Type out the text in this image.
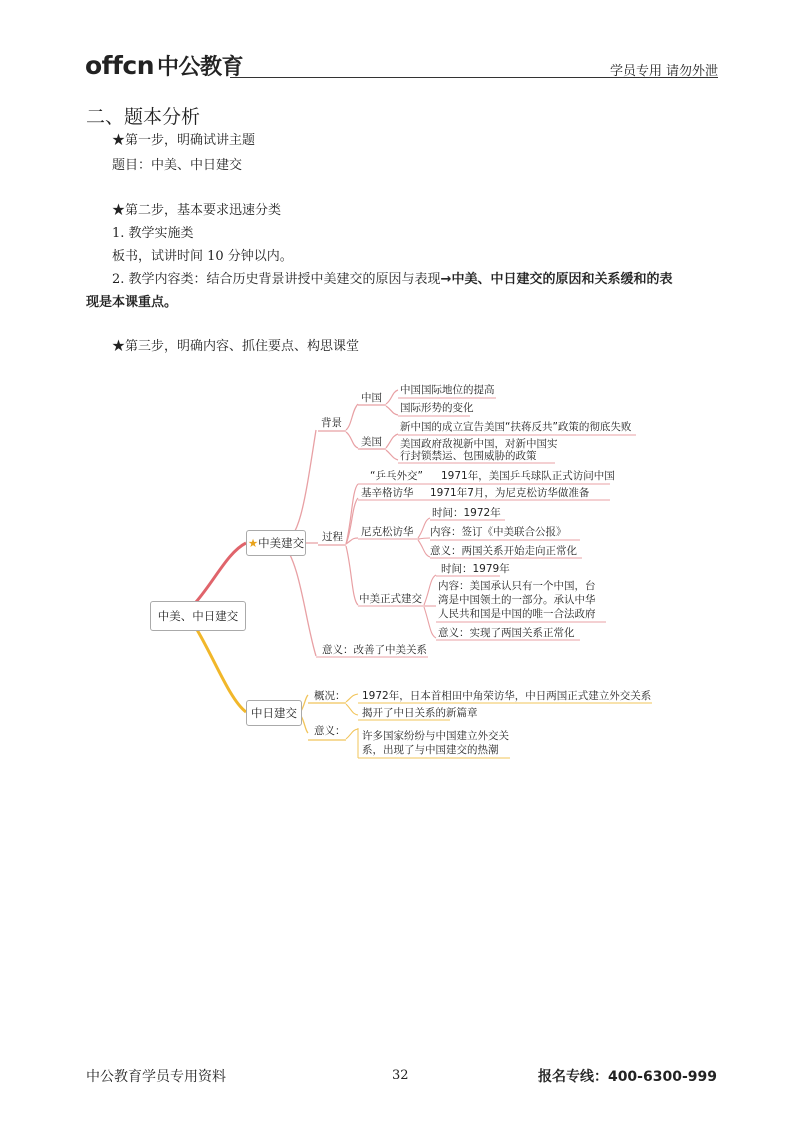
offcn 中公教育	学员专用 请勿外泄
二、题本分析
★第一步，明确试讲主题
题目：中美、中日建交
★第二步，基本要求迅速分类
1. 教学实施类
板书，试讲时间 10 分钟以内。
2. 教学内容类：结合历史背景讲授中美建交的原因与表现→中美、中日建交的原因和关系缓和的表
现是本课重点。
★第三步，明确内容、抓住要点、构思课堂
中美、中日建交
★中美建交
中日建交
背景
中国
中国国际地位的提高
国际形势的变化
美国
新中国的成立宣告美国“扶蒋反共”政策的彻底失败
美国政府敌视新中国，对新中国实
行封锁禁运、包围威胁的政策
过程
“乒乓外交” 1971年，美国乒乓球队正式访问中国
基辛格访华 1971年7月，为尼克松访华做准备
尼克松访华
时间：1972年
内容：签订《中美联合公报》
意义：两国关系开始走向正常化
中美正式建交
时间：1979年
内容：美国承认只有一个中国，台
湾是中国领土的一部分。承认中华
人民共和国是中国的唯一合法政府
意义：实现了两国关系正常化
意义：改善了中美关系
概况： 1972年，日本首相田中角荣访华，中日两国正式建立外交关系
揭开了中日关系的新篇章
意义： 许多国家纷纷与中国建立外交关
系，出现了与中国建交的热潮
中公教育学员专用资料	32	报名专线：400-6300-999
